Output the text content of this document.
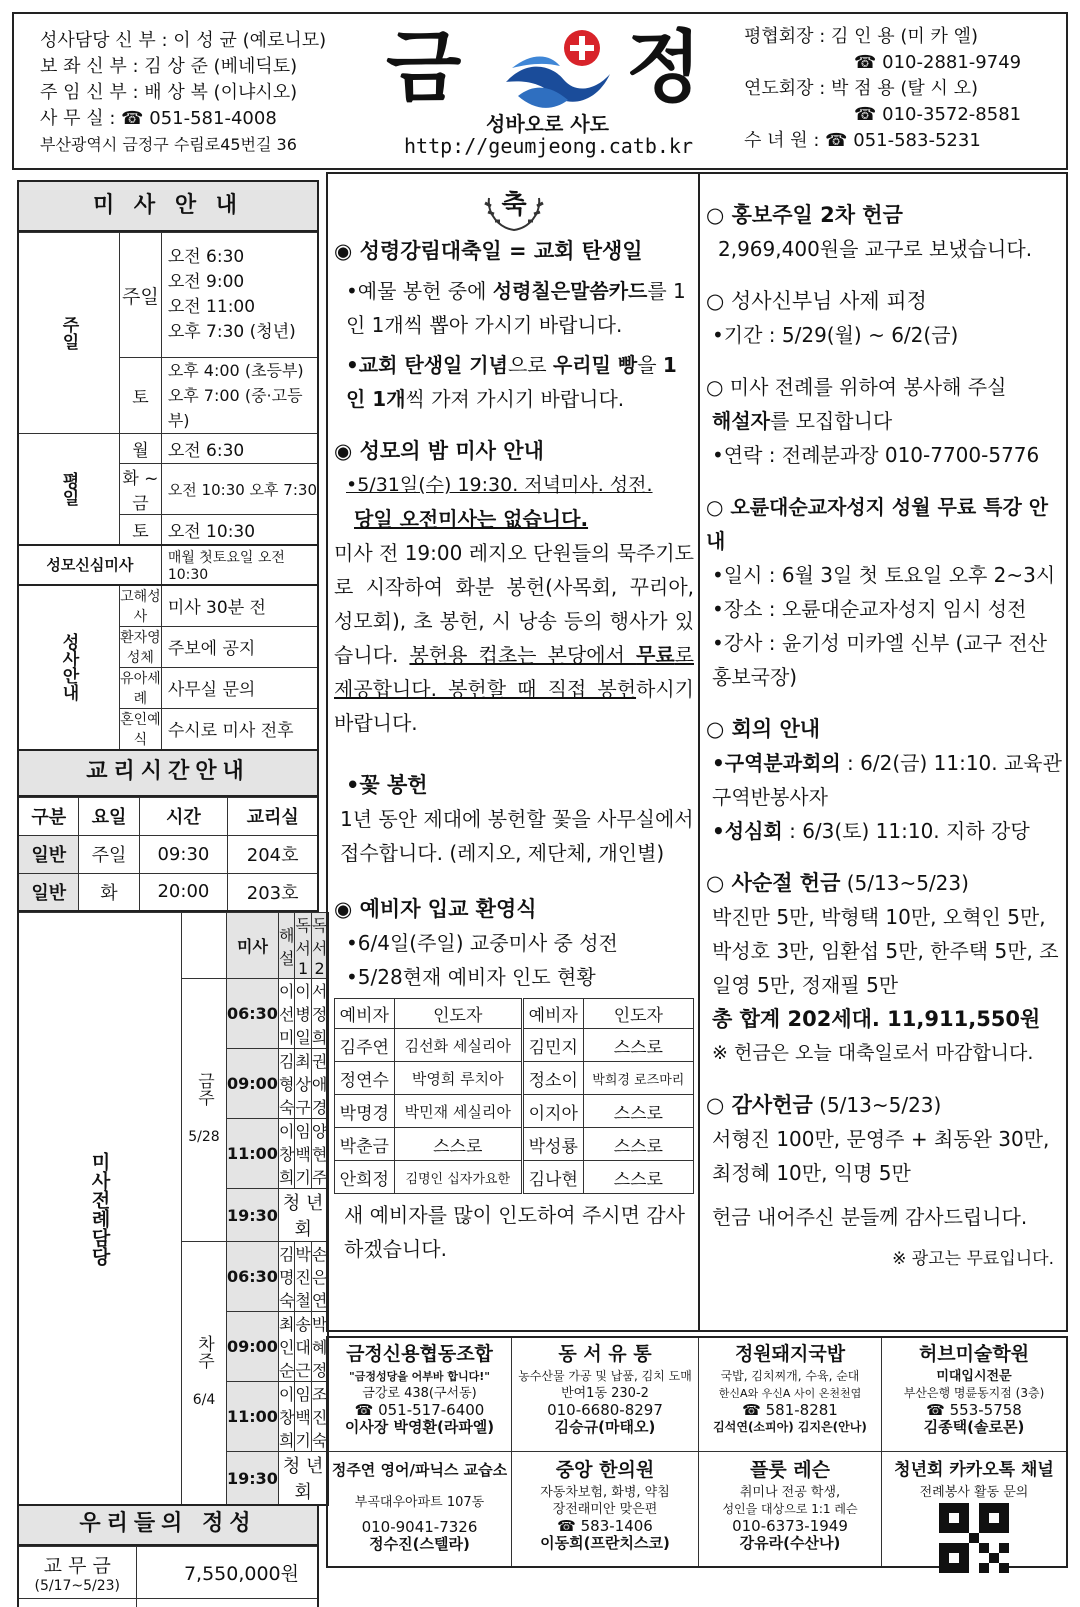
성사담당 신 부 : 이 성 균 (예로니모)
보 좌 신 부 : 김 상 준 (베네딕토)
주 임 신 부 : 배 상 복 (이냐시오)
사 무 실 : ☎ 051-581-4008
부산광역시 금정구 수림로45번길 36
금 정
성바오로 사도
http://geumjeong.catb.kr
평협회장 : 김 인 용 (미 카 엘)
☎ 010-2881-9749
연도회장 : 박 점 용 (탈 시 오)
☎ 010-3572-8581
수 녀 원 : ☎ 051-583-5231
미 사 안 내
주일	주일	오전 6:30
오전 9:00
오전 11:00
오후 7:30 (청년)

	토	오후 4:00 (초등부)
오후 7:00 (중·고등부)

평일	월	오전 6:30
	화 ~금	오전 10:30 오후 7:30
	토	오전 10:30
성모신심미사		매월 첫토요일 오전 10:30
성사안내	고해성사	미사 30분 전
	환자영성체	주보에 공지
	유아세례	사무실 문의
	혼인예식	수시로 미사 전후
교리시간안내
구분	요일	시간	교리실
일반	주일	09:30	204호
일반	화	20:00	203호
미사전례담당		미사	해설	독서1	독서2

	금주
5/28	06:30	이선미	이병일	서정희
		09:00	김형숙	최상구	권애경
		11:00	이창희	임백기	양현주
		19:30	청 년 회		

	차주
6/4	06:30	김명숙	박진철	손은연
		09:00	최인순	송대근	박혜정
		11:00	이창희	임백기	조진숙
		19:30	청 년 회		
우리들의 정성
교 무 금
(5/17~5/23)	7,550,000원

축

◉ 성령강림대축일 = 교회 탄생일

•예물 봉헌 중에 성령칠은말씀카드를 1인 1개씩 뽑아 가시기 바랍니다.

•교회 탄생일 기념으로 우리밀 빵을 1인 1개씩 가져 가시기 바랍니다.

◉ 성모의 밤 미사 안내

•5/31일(수) 19:30. 저녁미사. 성전.

당일 오전미사는 없습니다.

미사 전 19:00 레지오 단원들의 묵주기도로 시작하여 화분 봉헌(사목회, 꾸리아, 성모회), 초 봉헌, 시 낭송 등의 행사가 있습니다. 봉헌용 컵초는 본당에서 무료로 제공합니다. 봉헌할 때 직접 봉헌하시기 바랍니다.

•꽃 봉헌

1년 동안 제대에 봉헌할 꽃을 사무실에서 접수합니다. (레지오, 제단체, 개인별)

◉ 예비자 입교 환영식

•6/4일(주일) 교중미사 중 성전

•5/28현재 예비자 인도 현황

예비자	인도자	예비자	인도자
김주연	김선화 세실리아	김민지	스스로
정연수	박영희 루치아	정소이	박희경 로즈마리
박명경	박민재 세실리아	이지아	스스로
박춘금	스스로	박성룡	스스로
안희정	김명인 십자가요한	김나현	스스로

새 예비자를 많이 인도하여 주시면 감사하겠습니다.

○ 홍보주일 2차 헌금

2,969,400원을 교구로 보냈습니다.

○ 성사신부님 사제 피정

•기간 : 5/29(월) ~ 6/2(금)

○ 미사 전례를 위하여 봉사해 주실

해설자를 모집합니다

•연락 : 전례분과장 010-7700-5776

○ 오륜대순교자성지 성월 무료 특강 안내

•일시 : 6월 3일 첫 토요일 오후 2~3시

•장소 : 오륜대순교자성지 임시 성전

•강사 : 윤기성 미카엘 신부 (교구 전산홍보국장)

○ 회의 안내

•구역분과회의 : 6/2(금) 11:10. 교육관 구역반봉사자

•성심회 : 6/3(토) 11:10. 지하 강당

○ 사순절 헌금 (5/13~5/23)

박진만 5만, 박형택 10만, 오혁인 5만, 박성호 3만, 임환섭 5만, 한주택 5만, 조일영 5만, 정재필 5만

총 합계 202세대. 11,911,550원

※ 헌금은 오늘 대축일로서 마감합니다.

○ 감사헌금 (5/13~5/23)

서형진 100만, 문영주 + 최동완 30만, 최정혜 10만, 익명 5만

헌금 내어주신 분들께 감사드립니다.

※ 광고는 무료입니다.

금정신용협동조합
"금정성당을 어부바 합니다!"
금강로 438(구서동)
☎ 051-517-6400
이사장 박영환(라파엘)
동 서 유 통
농수산물 가공 및 납품, 김치 도매
반여1동 230-2
010-6680-8297
김승규(마태오)
정원돼지국밥
국밥, 김치찌개, 수육, 순대
한신A와 우신A 사이 온천천엽
☎ 581-8281
김석연(소피아) 김지은(안나)
허브미술학원
미대입시전문
부산은행 명륜동지점 (3층)
☎ 553-5758
김종택(솔로몬)
정주연 영어/파닉스 교습소
부곡대우아파트 107동
010-9041-7326
정수진(스텔라)
중앙 한의원
자동차보험, 화병, 약침
장전래미안 맞은편
☎ 583-1406
이동희(프란치스코)
플룻 레슨
취미나 전공 학생,
성인을 대상으로 1:1 레슨
010-6373-1949
강유라(수산나)
청년회 카카오톡 채널
전례봉사 활동 문의
